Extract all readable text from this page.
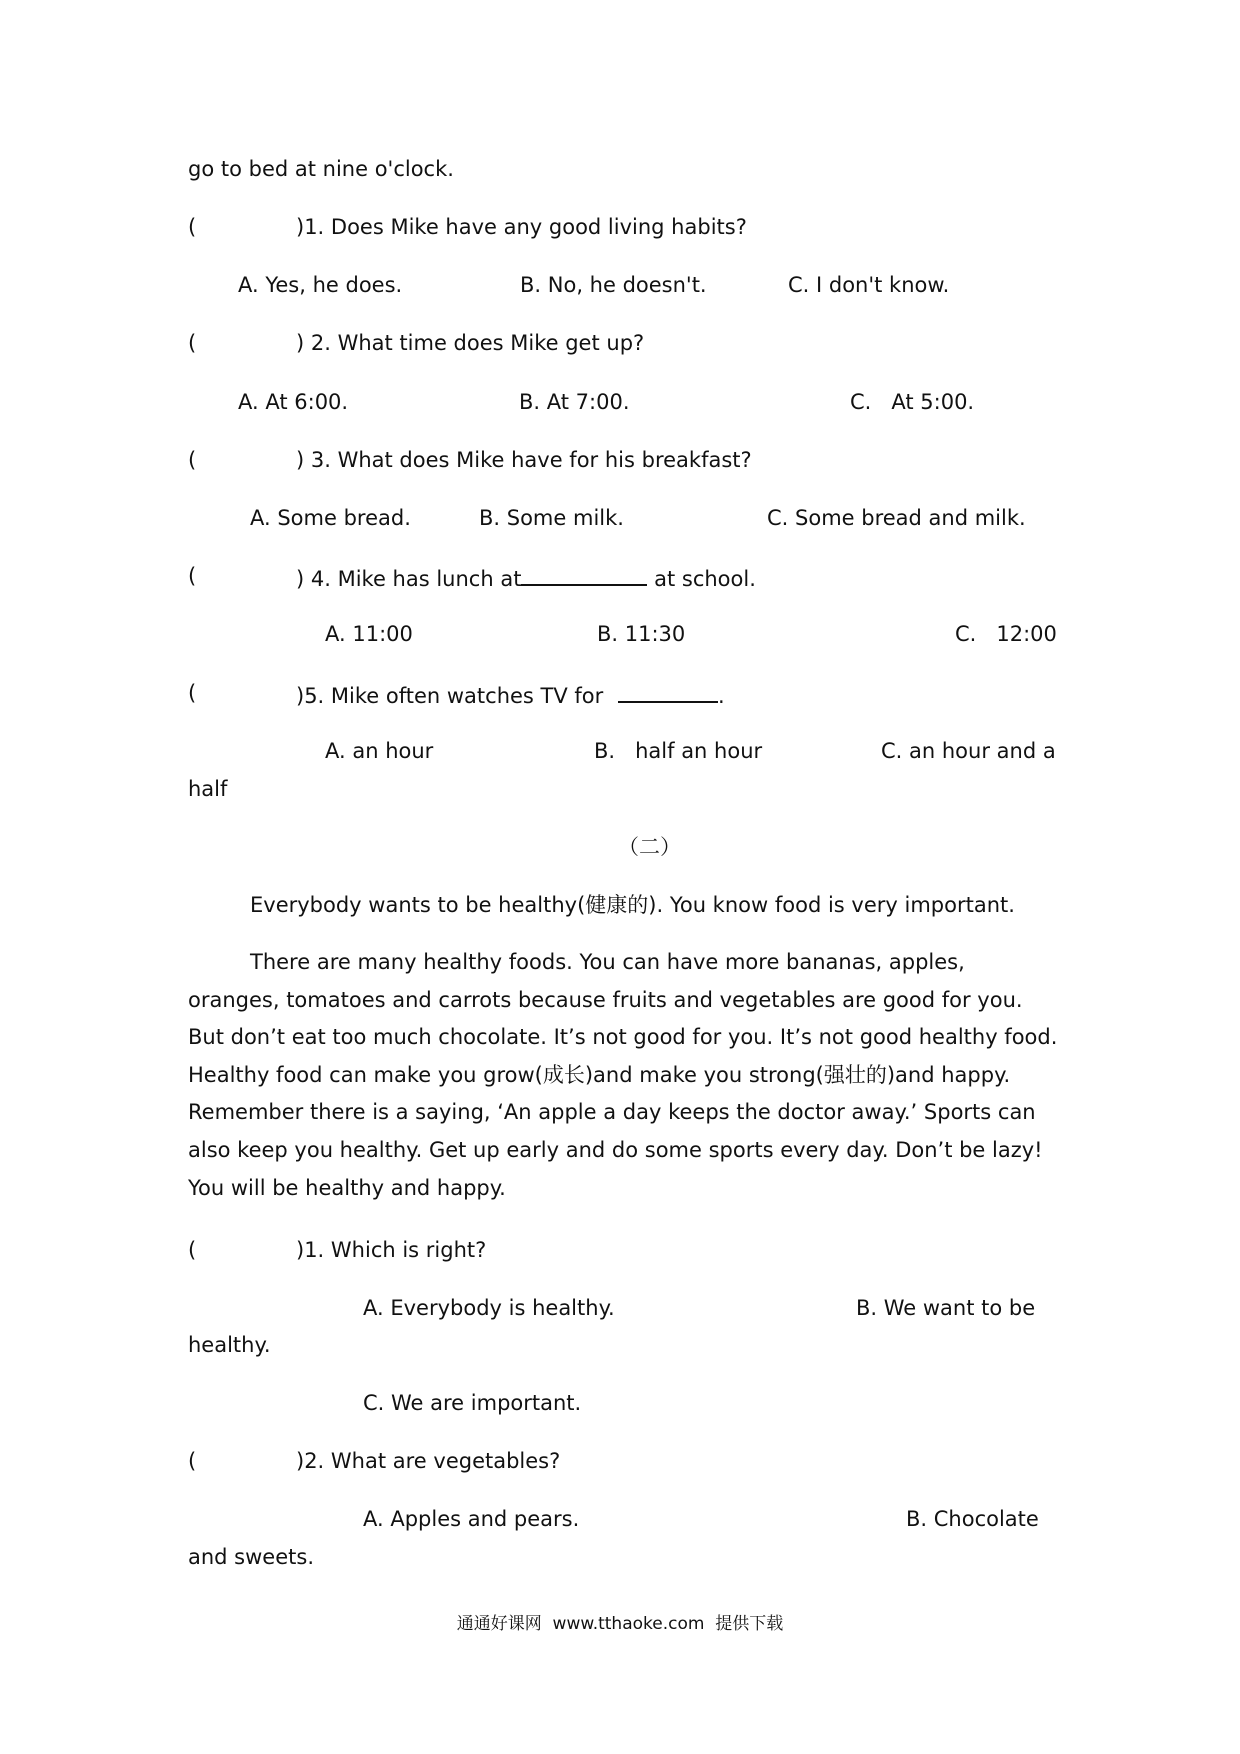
go to bed at nine o'clock.
(	)1. Does Mike have any good living habits?
A. Yes, he does.	B. No, he doesn't.	C. I don't know.
(	) 2. What time does Mike get up?
A. At 6:00.	B. At 7:00.	C.   At 5:00.
(	) 3. What does Mike have for his breakfast?
A. Some bread.	B. Some milk.	C. Some bread and milk.
(	) 4. Mike has lunch at	at school.
A. 11:00	B. 11:30	C.   12:00
(	)5. Mike often watches TV for	.
A. an hour	B.   half an hour	C. an hour and a
half
（二）

Everybody wants to be healthy(健康的). You know food is very important.

There are many healthy foods. You can have more bananas, apples, oranges, tomatoes and carrots because fruits and vegetables are good for you. But don’t eat too much chocolate. It’s not good for you. It’s not good healthy food. Healthy food can make you grow(成长)and make you strong(强壮的)and happy. Remember there is a saying, ‘An apple a day keeps the doctor away.’ Sports can also keep you healthy. Get up early and do some sports every day. Don’t be lazy! You will be healthy and happy.

(	)1. Which is right?
A. Everybody is healthy.	B. We want to be
healthy.
C. We are important.
(	)2. What are vegetables?
A. Apples and pears.	B. Chocolate
and sweets.
通通好课网  www.tthaoke.com  提供下载
